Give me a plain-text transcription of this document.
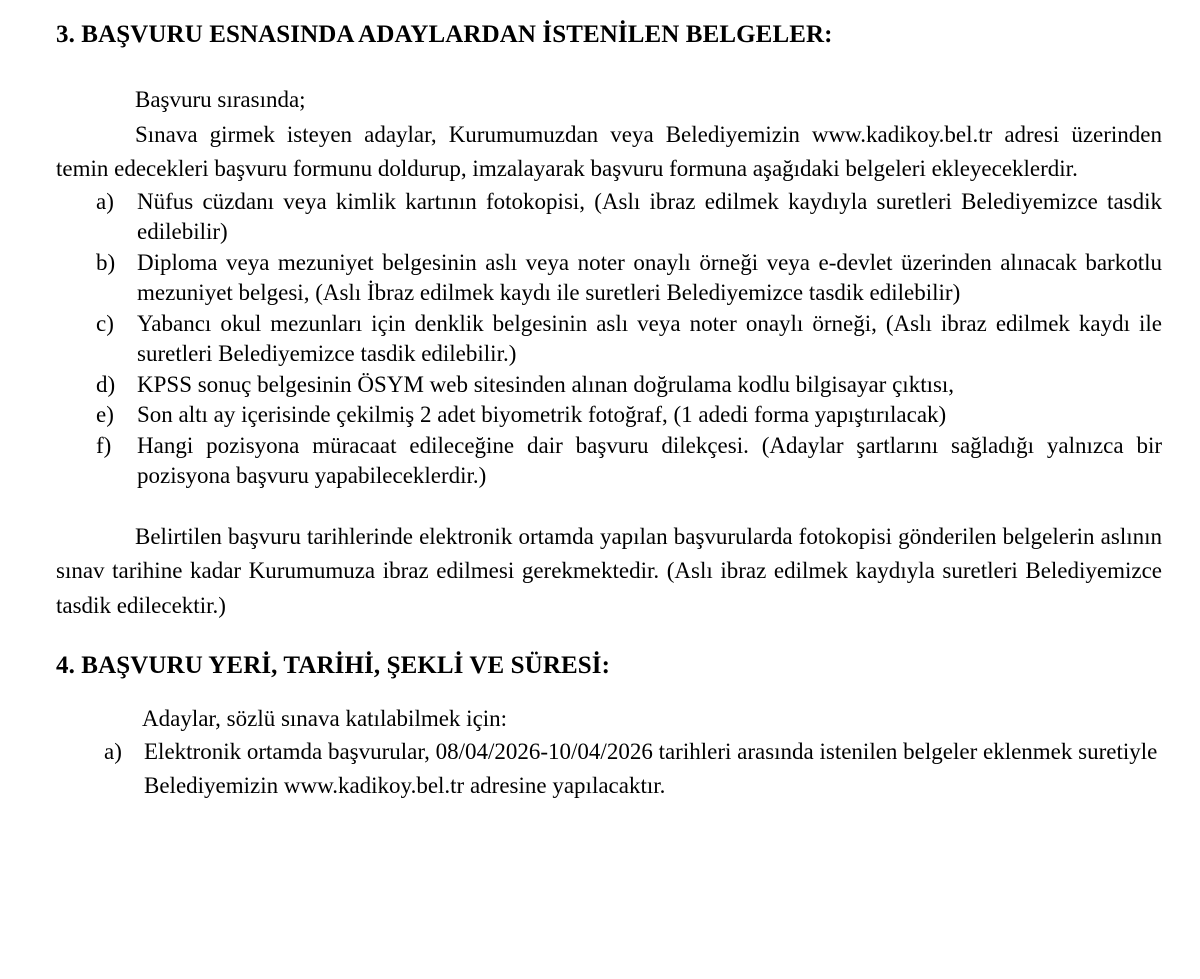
3. BAŞVURU ESNASINDA ADAYLARDAN İSTENİLEN BELGELER:

Başvuru sırasında;

Sınava girmek isteyen adaylar, Kurumumuzdan veya Belediyemizin www.kadikoy.bel.tr adresi üzerinden temin edecekleri başvuru formunu doldurup, imzalayarak başvuru formuna aşağıdaki belgeleri ekleyeceklerdir.

a) Nüfus cüzdanı veya kimlik kartının fotokopisi, (Aslı ibraz edilmek kaydıyla suretleri Belediyemizce tasdik edilebilir)
b) Diploma veya mezuniyet belgesinin aslı veya noter onaylı örneği veya e-devlet üzerinden alınacak barkotlu mezuniyet belgesi, (Aslı İbraz edilmek kaydı ile suretleri Belediyemizce tasdik edilebilir)
c) Yabancı okul mezunları için denklik belgesinin aslı veya noter onaylı örneği, (Aslı ibraz edilmek kaydı ile suretleri Belediyemizce tasdik edilebilir.)
d) KPSS sonuç belgesinin ÖSYM web sitesinden alınan doğrulama kodlu bilgisayar çıktısı,
e) Son altı ay içerisinde çekilmiş 2 adet biyometrik fotoğraf, (1 adedi forma yapıştırılacak)
f) Hangi pozisyona müracaat edileceğine dair başvuru dilekçesi. (Adaylar şartlarını sağladığı yalnızca bir pozisyona başvuru yapabileceklerdir.)

Belirtilen başvuru tarihlerinde elektronik ortamda yapılan başvurularda fotokopisi gönderilen belgelerin aslının sınav tarihine kadar Kurumumuza ibraz edilmesi gerekmektedir. (Aslı ibraz edilmek kaydıyla suretleri Belediyemizce tasdik edilecektir.)

4. BAŞVURU YERİ, TARİHİ, ŞEKLİ VE SÜRESİ:

Adaylar, sözlü sınava katılabilmek için:

a) Elektronik ortamda başvurular, 08/04/2026-10/04/2026 tarihleri arasında istenilen belgeler eklenmek suretiyle Belediyemizin www.kadikoy.bel.tr adresine yapılacaktır.
